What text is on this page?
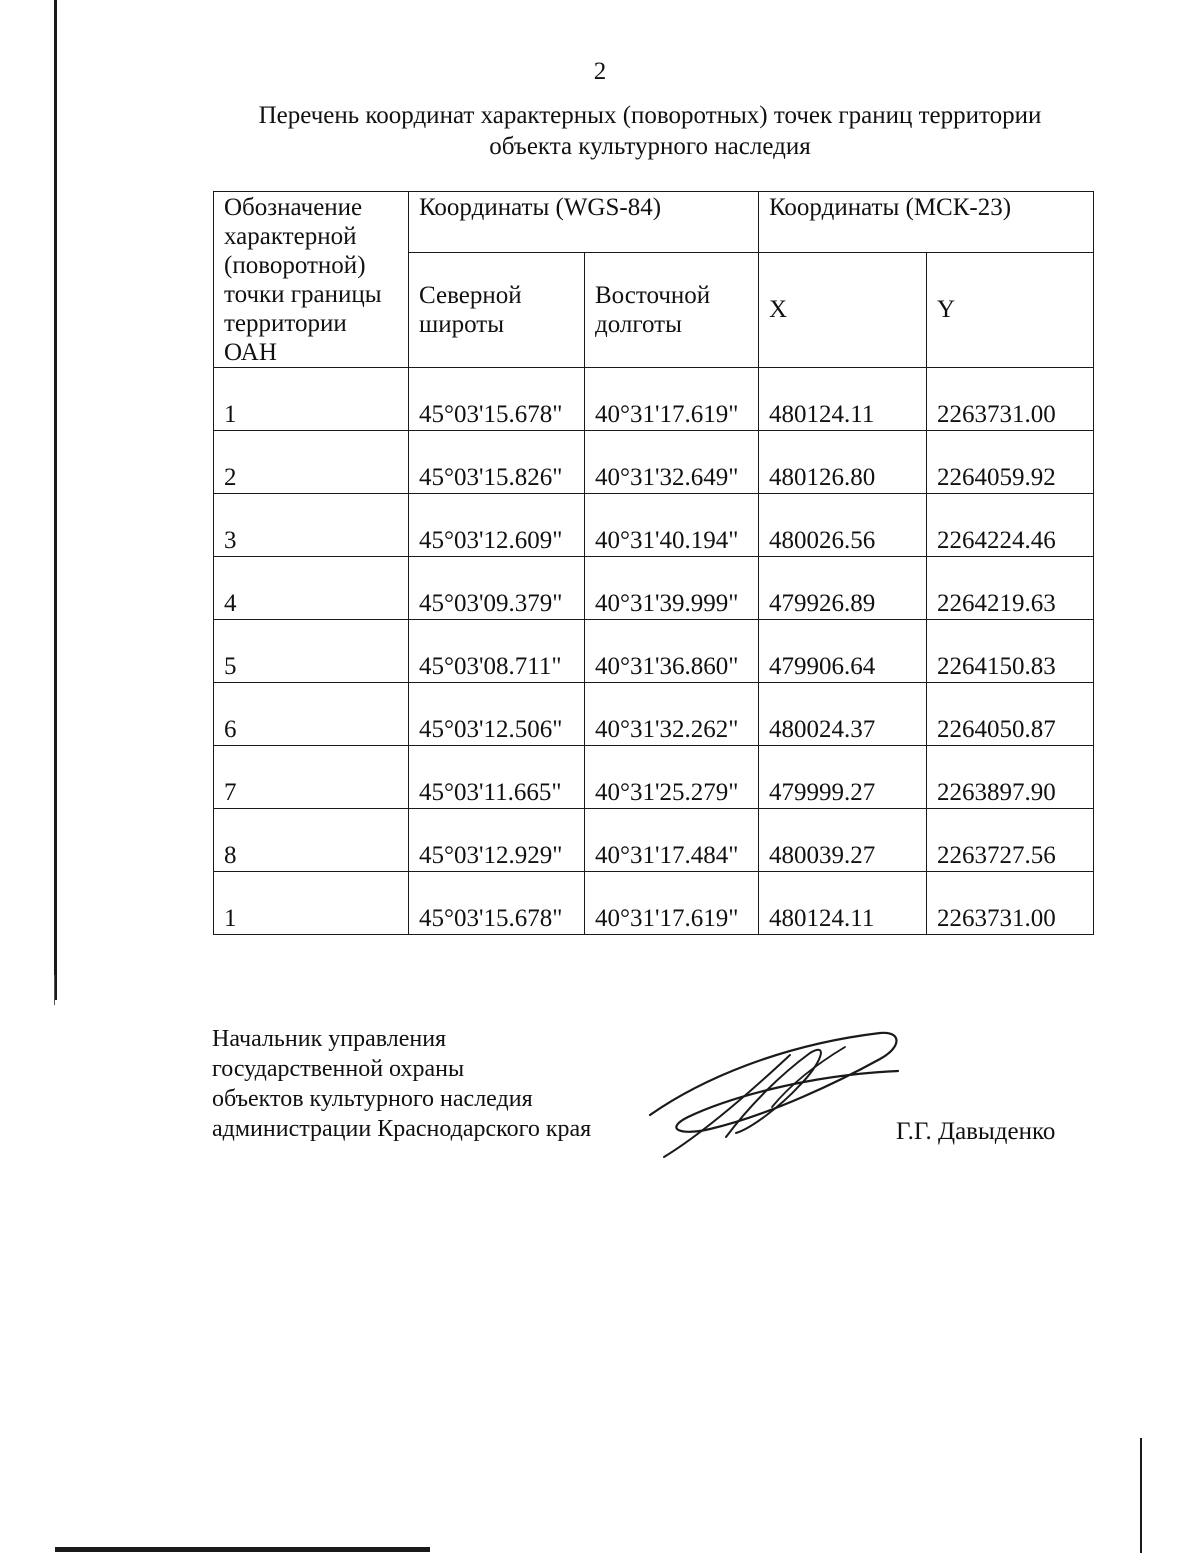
2
Перечень координат характерных (поворотных) точек границ территории
объекта культурного наследия
Обозначение характерной (поворотной) точки границы территории ОАН	Координаты (WGS-84)		Координаты (МСК-23)	

	Северной широты	Восточной долготы	X	Y

1	45°03'15.678"	40°31'17.619"	480124.11	2263731.00

2	45°03'15.826"	40°31'32.649"	480126.80	2264059.92

3	45°03'12.609"	40°31'40.194"	480026.56	2264224.46

4	45°03'09.379"	40°31'39.999"	479926.89	2264219.63

5	45°03'08.711"	40°31'36.860"	479906.64	2264150.83

6	45°03'12.506"	40°31'32.262"	480024.37	2264050.87

7	45°03'11.665"	40°31'25.279"	479999.27	2263897.90

8	45°03'12.929"	40°31'17.484"	480039.27	2263727.56

1	45°03'15.678"	40°31'17.619"	480124.11	2263731.00
Начальник управления
государственной охраны
объектов культурного наследия
администрации Краснодарского края	Г.Г. Давыденко
